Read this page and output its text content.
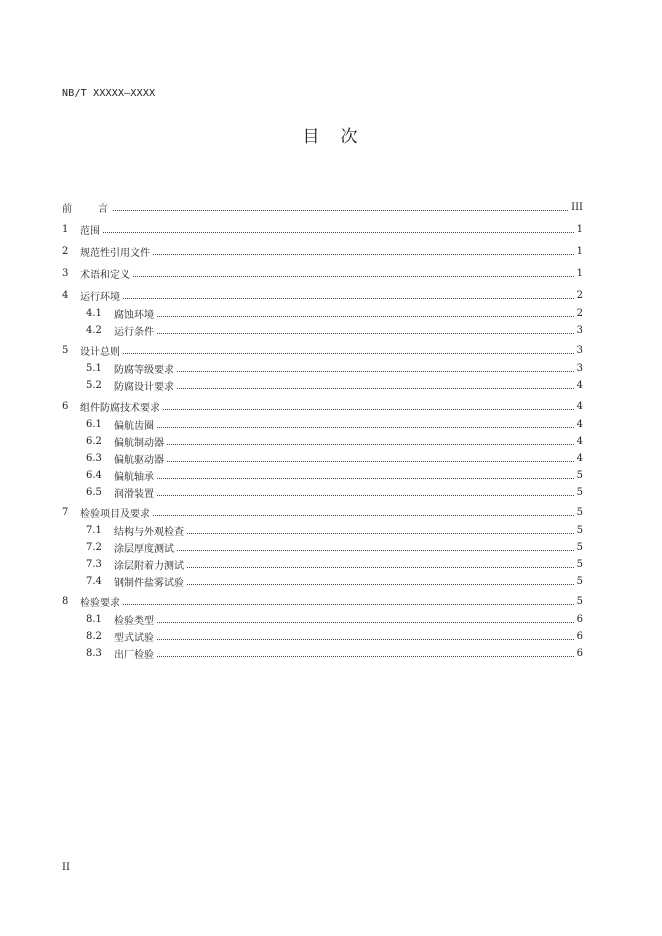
NB/T XXXXX—XXXX
目　次
前　　言	III
1	范围	1
2	规范性引用文件	1
3	术语和定义	1
4	运行环境	2
4.1	腐蚀环境	2
4.2	运行条件	3
5	设计总则	3
5.1	防腐等级要求	3
5.2	防腐设计要求	4
6	组件防腐技术要求	4
6.1	偏航齿圈	4
6.2	偏航制动器	4
6.3	偏航驱动器	4
6.4	偏航轴承	5
6.5	润滑装置	5
7	检验项目及要求	5
7.1	结构与外观检查	5
7.2	涂层厚度测试	5
7.3	涂层附着力测试	5
7.4	钢制件盐雾试验	5
8	检验要求	5
8.1	检验类型	6
8.2	型式试验	6
8.3	出厂检验	6
II
